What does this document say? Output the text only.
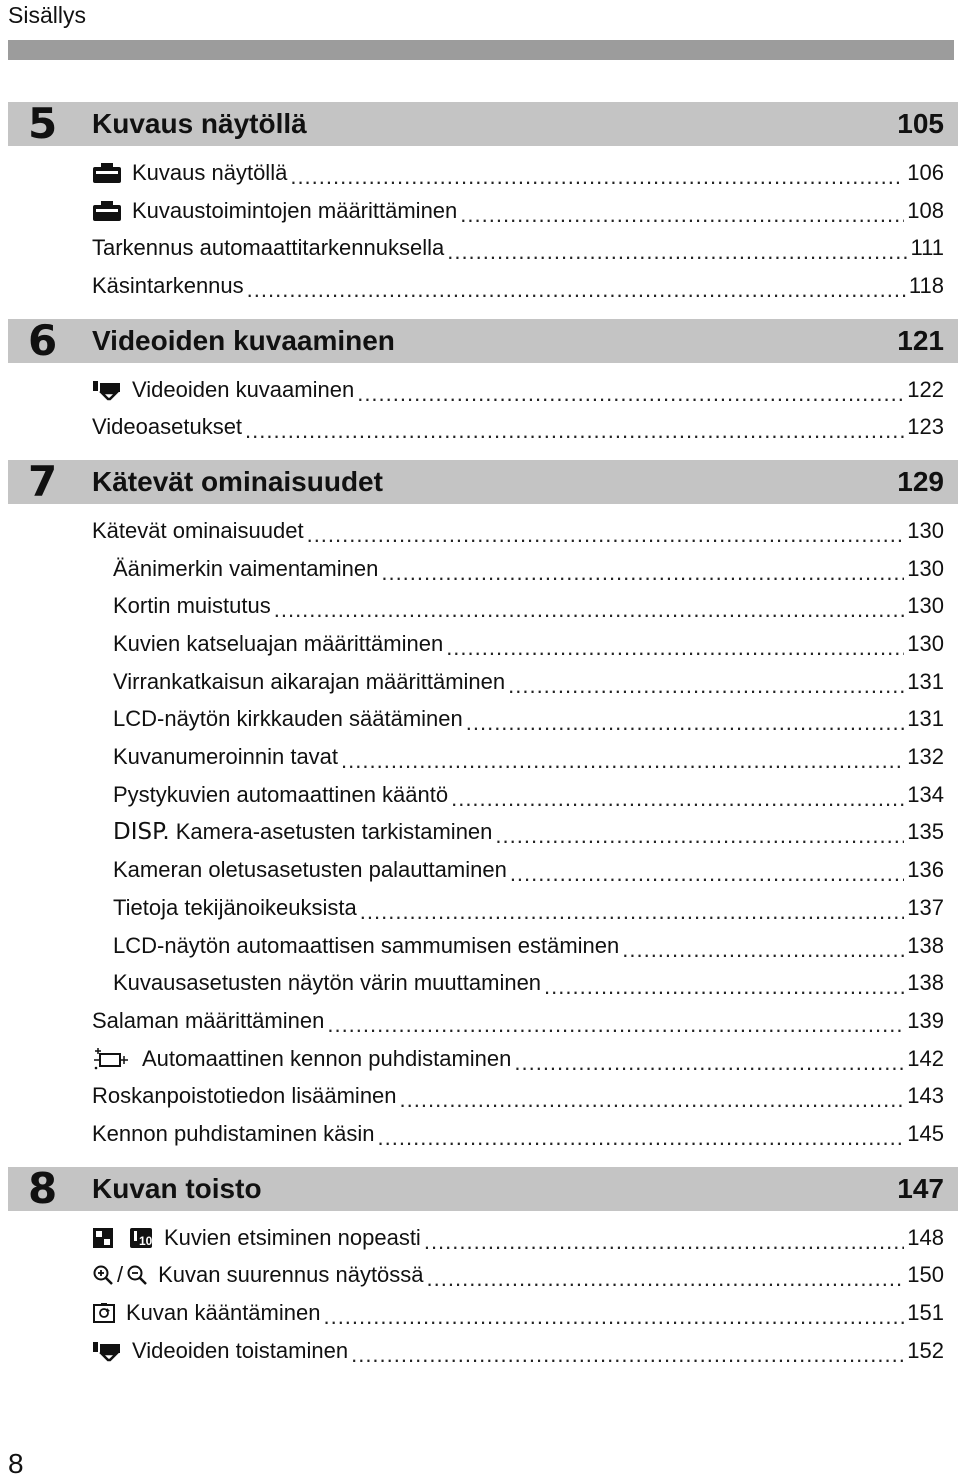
Sisällys
5	Kuvaus näytöllä	105
Kuvaus näytöllä .....	106
Kuvaustoimintojen määrittäminen .....	108
Tarkennus automaattitarkennuksella .....	111
Käsintarkennus .....	118
6	Videoiden kuvaaminen	121
Videoiden kuvaaminen .....	122
Videoasetukset .....	123
7	Kätevät ominaisuudet	129
Kätevät ominaisuudet .....	130
Äänimerkin vaimentaminen .....	130
Kortin muistutus .....	130
Kuvien katseluajan määrittäminen .....	130
Virrankatkaisun aikarajan määrittäminen .....	131
LCD-näytön kirkkauden säätäminen .....	131
Kuvanumeroinnin tavat .....	132
Pystykuvien automaattinen kääntö .....	134
DISP. Kamera-asetusten tarkistaminen .....	135
Kameran oletusasetusten palauttaminen .....	136
Tietoja tekijänoikeuksista .....	137
LCD-näytön automaattisen sammumisen estäminen .....	138
Kuvausasetusten näytön värin muuttaminen .....	138
Salaman määrittäminen .....	139
Automaattinen kennon puhdistaminen .....	142
Roskanpoistotiedon lisääminen .....	143
Kennon puhdistaminen käsin .....	145
8	Kuvan toisto	147
10 Kuvien etsiminen nopeasti .....	148
/ Kuvan suurennus näytössä .....	150
Kuvan kääntäminen .....	151
Videoiden toistaminen .....	152
8
